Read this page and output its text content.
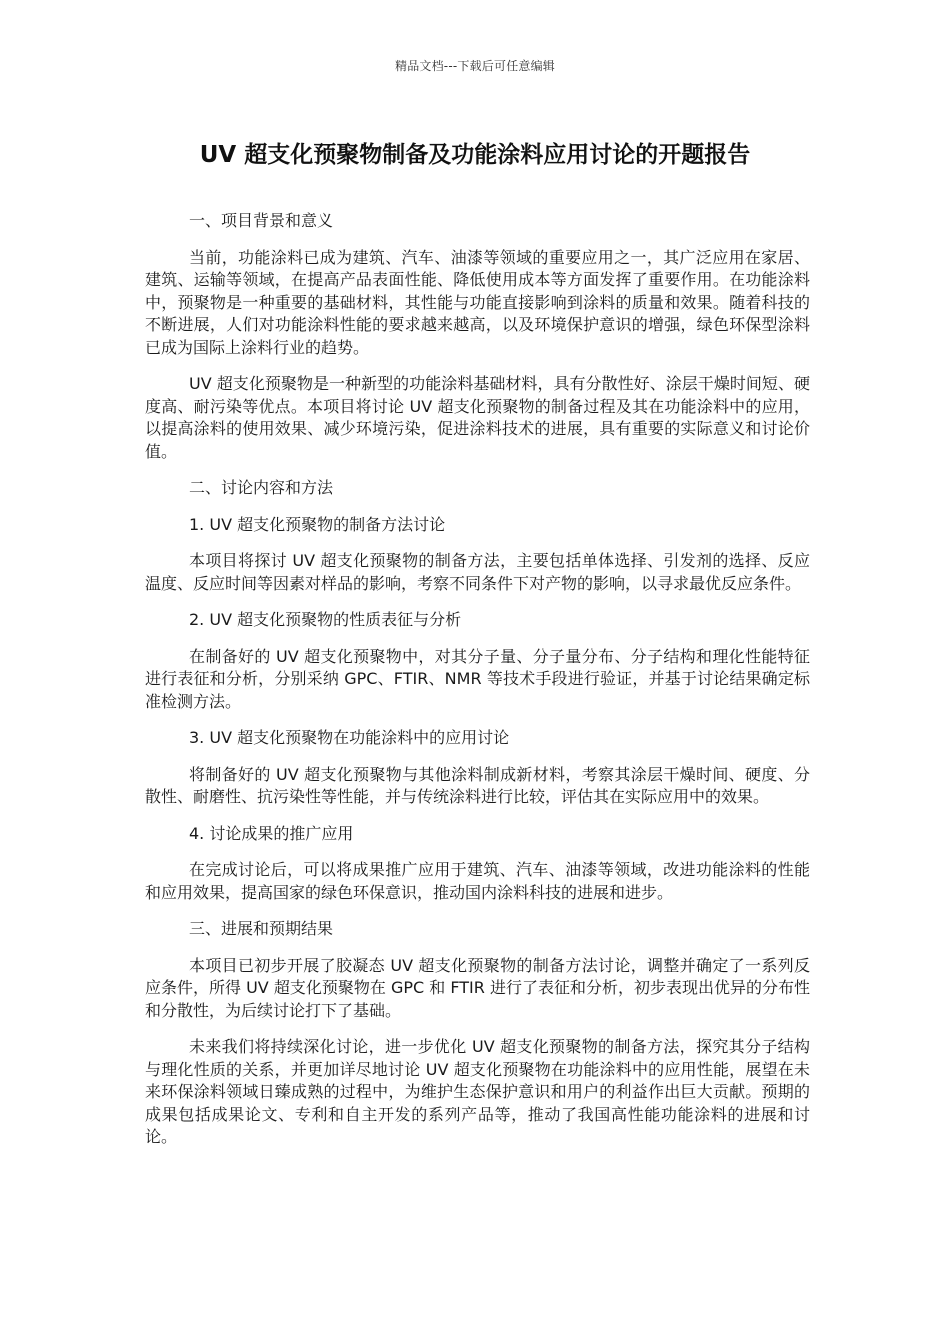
精品文档---下载后可任意编辑
UV 超支化预聚物制备及功能涂料应用讨论的开题报告

一、项目背景和意义

当前，功能涂料已成为建筑、汽车、油漆等领域的重要应用之一，其广泛应用在家居、建筑、运输等领域，在提高产品表面性能、降低使用成本等方面发挥了重要作用。在功能涂料中，预聚物是一种重要的基础材料，其性能与功能直接影响到涂料的质量和效果。随着科技的不断进展，人们对功能涂料性能的要求越来越高，以及环境保护意识的增强，绿色环保型涂料已成为国际上涂料行业的趋势。

UV 超支化预聚物是一种新型的功能涂料基础材料，具有分散性好、涂层干燥时间短、硬度高、耐污染等优点。本项目将讨论 UV 超支化预聚物的制备过程及其在功能涂料中的应用，以提高涂料的使用效果、减少环境污染，促进涂料技术的进展，具有重要的实际意义和讨论价值。

二、讨论内容和方法

1. UV 超支化预聚物的制备方法讨论

本项目将探讨 UV 超支化预聚物的制备方法，主要包括单体选择、引发剂的选择、反应温度、反应时间等因素对样品的影响，考察不同条件下对产物的影响，以寻求最优反应条件。

2. UV 超支化预聚物的性质表征与分析

在制备好的 UV 超支化预聚物中，对其分子量、分子量分布、分子结构和理化性能特征进行表征和分析，分别采纳 GPC、FTIR、NMR 等技术手段进行验证，并基于讨论结果确定标准检测方法。

3. UV 超支化预聚物在功能涂料中的应用讨论

将制备好的 UV 超支化预聚物与其他涂料制成新材料，考察其涂层干燥时间、硬度、分散性、耐磨性、抗污染性等性能，并与传统涂料进行比较，评估其在实际应用中的效果。

4. 讨论成果的推广应用

在完成讨论后，可以将成果推广应用于建筑、汽车、油漆等领域，改进功能涂料的性能和应用效果，提高国家的绿色环保意识，推动国内涂料科技的进展和进步。

三、进展和预期结果

本项目已初步开展了胶凝态 UV 超支化预聚物的制备方法讨论，调整并确定了一系列反应条件，所得 UV 超支化预聚物在 GPC 和 FTIR 进行了表征和分析，初步表现出优异的分布性和分散性，为后续讨论打下了基础。

未来我们将持续深化讨论，进一步优化 UV 超支化预聚物的制备方法，探究其分子结构与理化性质的关系，并更加详尽地讨论 UV 超支化预聚物在功能涂料中的应用性能，展望在未来环保涂料领域日臻成熟的过程中，为维护生态保护意识和用户的利益作出巨大贡献。预期的成果包括成果论文、专利和自主开发的系列产品等，推动了我国高性能功能涂料的进展和讨论。
